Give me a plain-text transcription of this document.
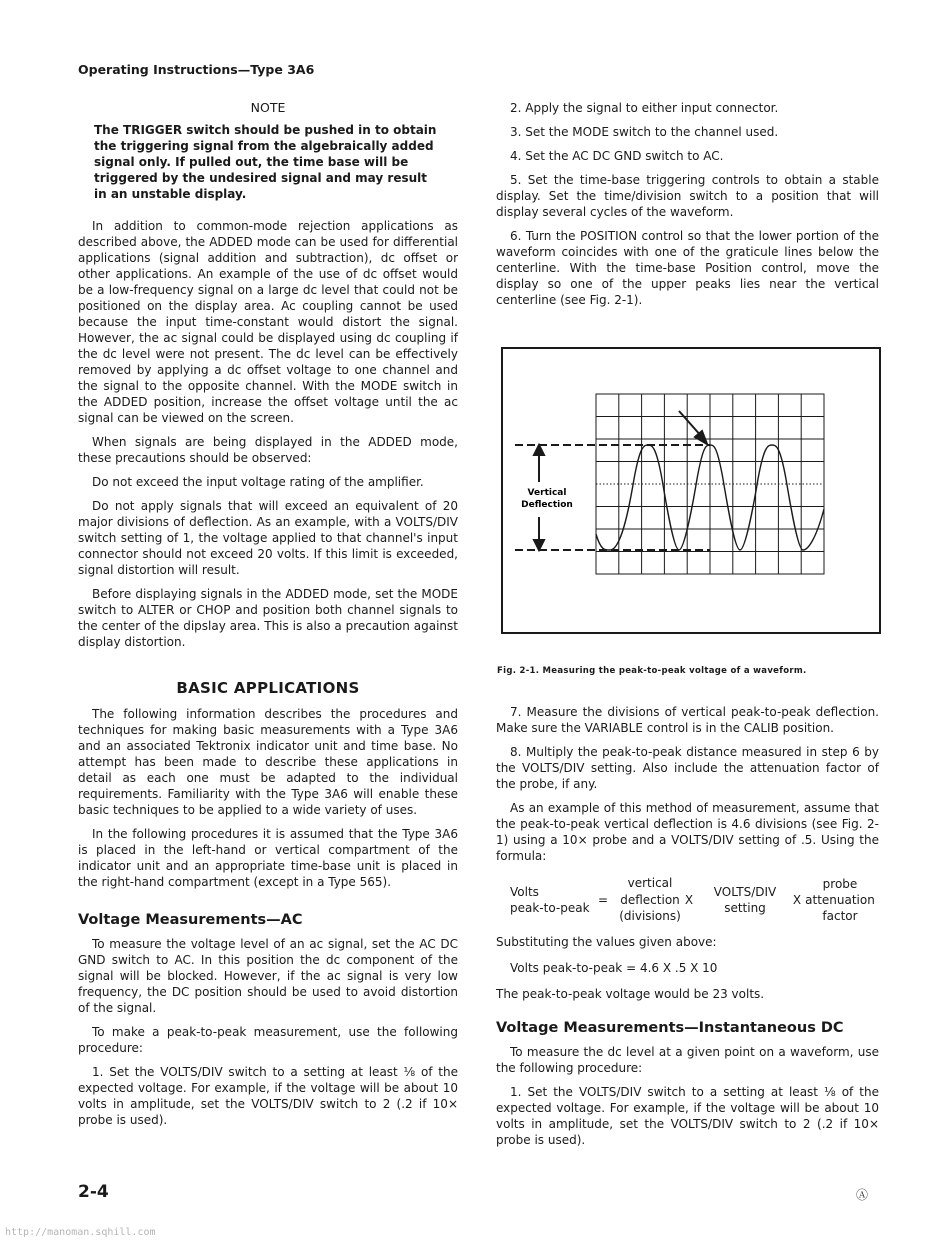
Operating Instructions—Type 3A6
NOTE
The TRIGGER switch should be pushed in to obtain the triggering signal from the algebraically added signal only. If pulled out, the time base will be triggered by the undesired signal and may result in an unstable display.

In addition to common-mode rejection applications as described above, the ADDED mode can be used for differential applications (signal addition and subtraction), dc offset or other applications. An example of the use of dc offset would be a low-frequency signal on a large dc level that could not be positioned on the display area. Ac coupling cannot be used because the input time-constant would distort the signal. However, the ac signal could be displayed using dc coupling if the dc level were not present. The dc level can be effectively removed by applying a dc offset voltage to one channel and the signal to the opposite channel. With the MODE switch in the ADDED position, increase the offset voltage until the ac signal can be viewed on the screen.

When signals are being displayed in the ADDED mode, these precautions should be observed:

Do not exceed the input voltage rating of the amplifier.

Do not apply signals that will exceed an equivalent of 20 major divisions of deflection. As an example, with a VOLTS/DIV switch setting of 1, the voltage applied to that channel's input connector should not exceed 20 volts. If this limit is exceeded, signal distortion will result.

Before displaying signals in the ADDED mode, set the MODE switch to ALTER or CHOP and position both channel signals to the center of the dipslay area. This is also a precaution against display distortion.

BASIC APPLICATIONS

The following information describes the procedures and techniques for making basic measurements with a Type 3A6 and an associated Tektronix indicator unit and time base. No attempt has been made to describe these applications in detail as each one must be adapted to the individual requirements. Familiarity with the Type 3A6 will enable these basic techniques to be applied to a wide variety of uses.

In the following procedures it is assumed that the Type 3A6 is placed in the left-hand or vertical compartment of the indicator unit and an appropriate time-base unit is placed in the right-hand compartment (except in a Type 565).

Voltage Measurements—AC

To measure the voltage level of an ac signal, set the AC DC GND switch to AC. In this position the dc component of the signal will be blocked. However, if the ac signal is very low frequency, the DC position should be used to avoid distortion of the signal.

To make a peak-to-peak measurement, use the following procedure:

1. Set the VOLTS/DIV switch to a setting at least ⅛ of the expected voltage. For example, if the voltage will be about 10 volts in amplitude, set the VOLTS/DIV switch to 2 (.2 if 10× probe is used).

2. Apply the signal to either input connector.

3. Set the MODE switch to the channel used.

4. Set the AC DC GND switch to AC.

5. Set the time-base triggering controls to obtain a stable display. Set the time/division switch to a position that will display several cycles of the waveform.

6. Turn the POSITION control so that the lower portion of the waveform coincides with one of the graticule lines below the centerline. With the time-base Position control, move the display so one of the upper peaks lies near the vertical centerline (see Fig. 2-1).

Vertical
Deflection
Fig. 2-1. Measuring the peak-to-peak voltage of a waveform.

7. Measure the divisions of vertical peak-to-peak deflection. Make sure the VARIABLE control is in the CALIB position.

8. Multiply the peak-to-peak distance measured in step 6 by the VOLTS/DIV setting. Also include the attenuation factor of the probe, if any.

As an example of this method of measurement, assume that the peak-to-peak vertical deflection is 4.6 divisions (see Fig. 2-1) using a 10× probe and a VOLTS/DIV setting of .5. Using the formula:

Volts
peak-to-peak
=
vertical
deflection
(divisions)
X
VOLTS/DIV
setting
X
probe
attenuation
factor

Substituting the values given above:

Volts peak-to-peak = 4.6 X .5 X 10

The peak-to-peak voltage would be 23 volts.

Voltage Measurements—Instantaneous DC

To measure the dc level at a given point on a waveform, use the following procedure:

1. Set the VOLTS/DIV switch to a setting at least ⅛ of the expected voltage. For example, if the voltage will be about 10 volts in amplitude, set the VOLTS/DIV switch to 2 (.2 if 10× probe is used).

2-4	Ⓐ
http://manoman.sqhill.com
